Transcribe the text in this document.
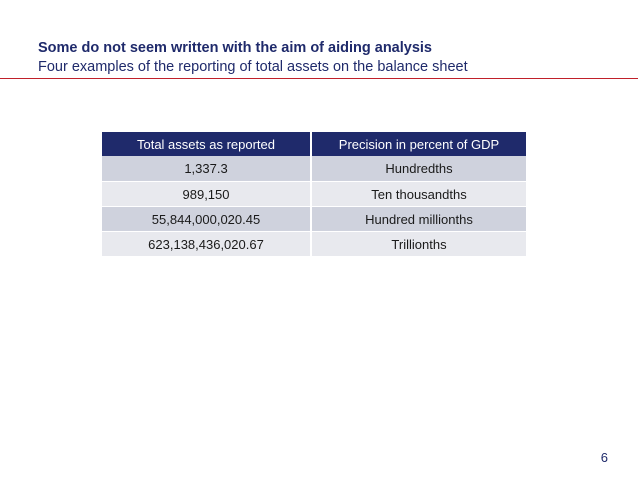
Some do not seem written with the aim of aiding analysis
Four examples of the reporting of total assets on the balance sheet
Total assets as reported	Precision in percent of GDP
1,337.3	Hundredths
989,150	Ten thousandths
55,844,000,020.45	Hundred millionths
623,138,436,020.67	Trillionths
6
